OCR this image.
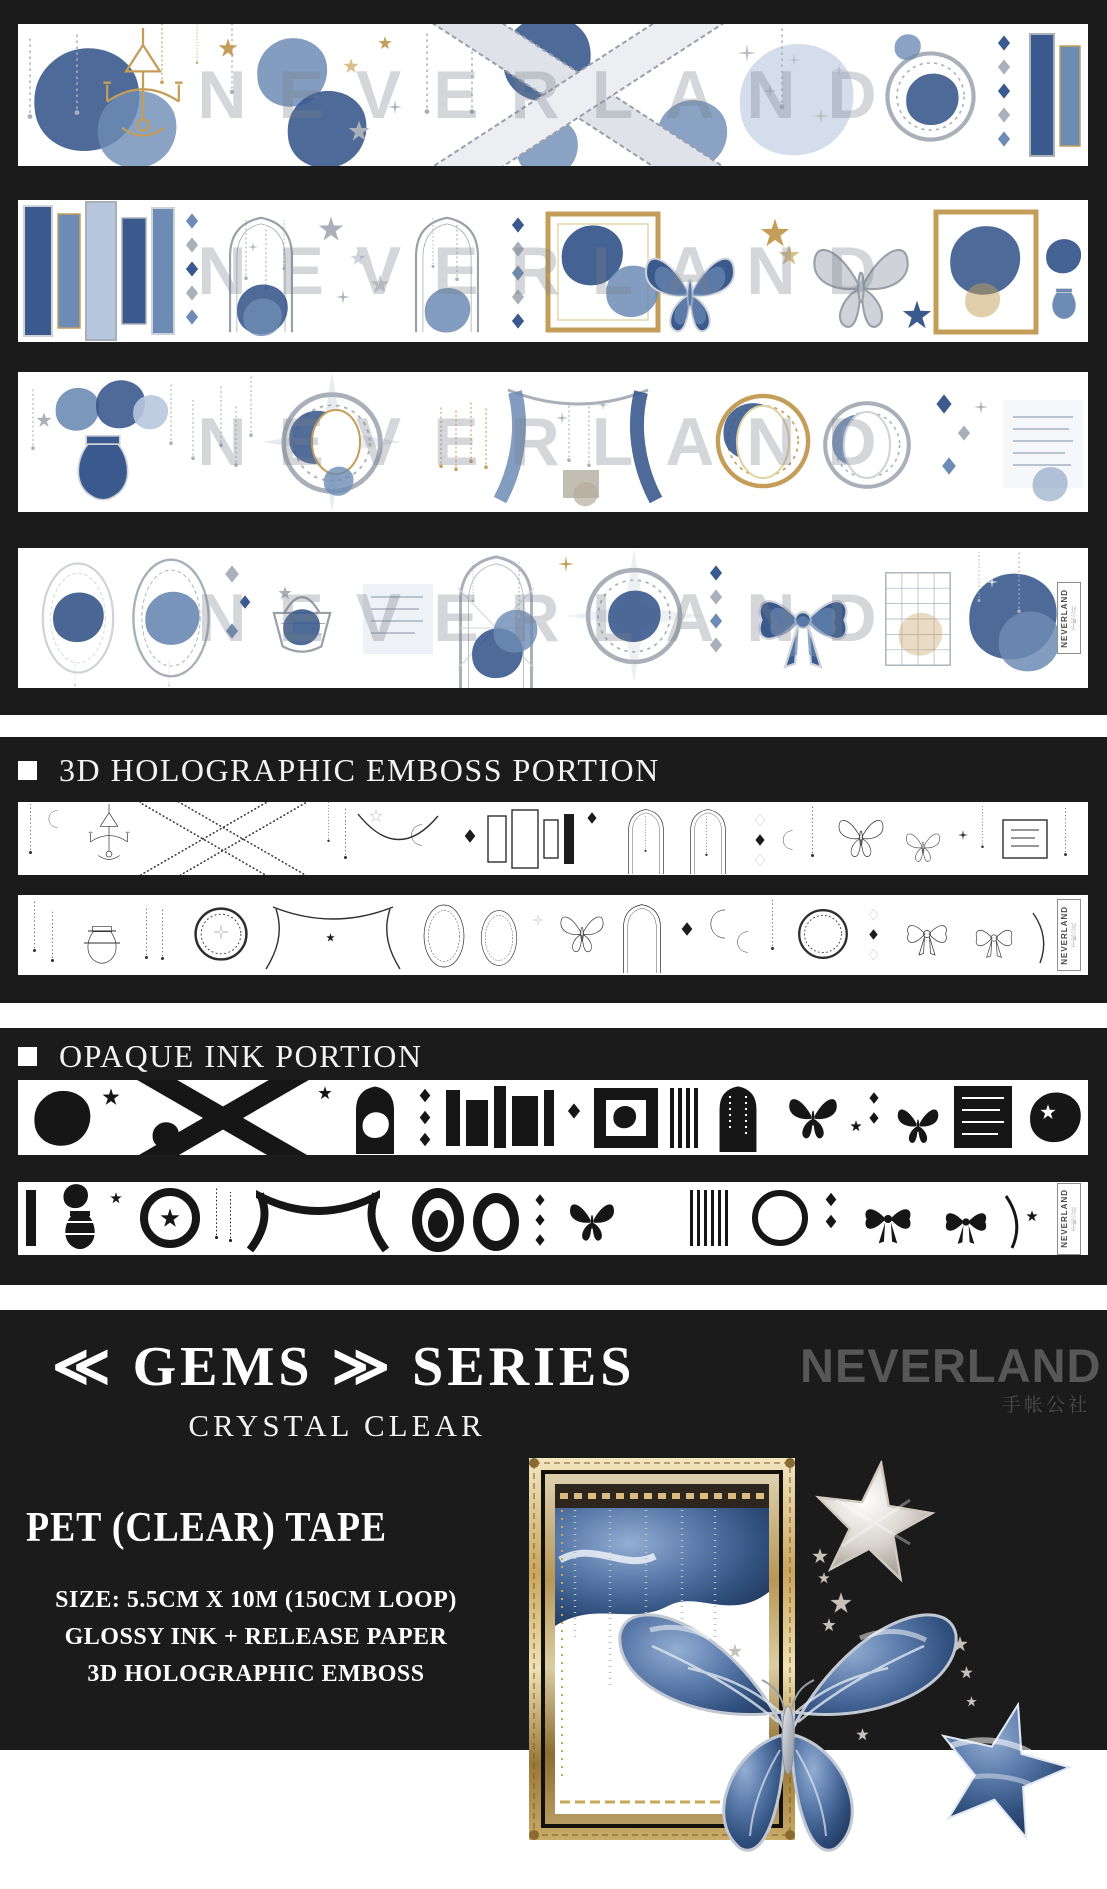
NEVERLAND
NEVERLAND
NEVERLAND
NEVERLAND	NEVERLAND 手帐公社
3D HOLOGRAPHIC EMBOSS PORTION
NEVERLAND 手帐公社
OPAQUE INK PORTION
NEVERLAND 手帐公社
≪ GEMS ≫ SERIES
CRYSTAL CLEAR
NEVERLAND
手帐公社
PET (CLEAR) TAPE
SIZE: 5.5CM X 10M (150CM LOOP)
GLOSSY INK + RELEASE PAPER
3D HOLOGRAPHIC EMBOSS
